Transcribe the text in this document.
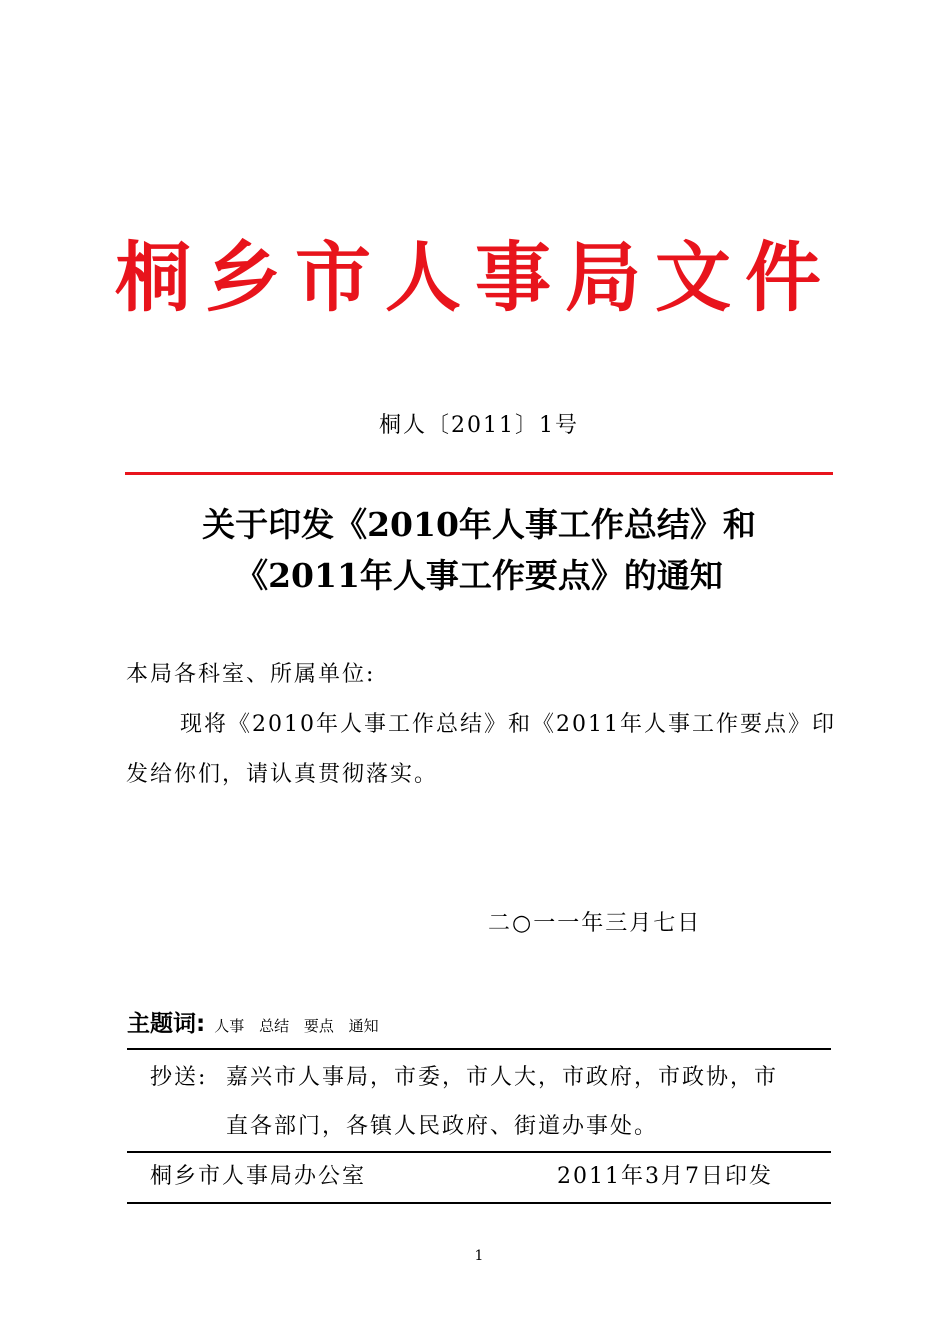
桐乡市人事局文件
桐人〔2011〕1号
关于印发《2010年人事工作总结》和
《2011年人事工作要点》的通知
本局各科室、所属单位:
现将《2010年人事工作总结》和《2011年人事工作要点》印
发给你们，请认真贯彻落实。
二○一一年三月七日
主题词: 人事 总结 要点 通知
抄送: 嘉兴市人事局，市委，市人大，市政府，市政协，市
直各部门，各镇人民政府、街道办事处。
桐乡市人事局办公室	2011年3月7日印发
1
